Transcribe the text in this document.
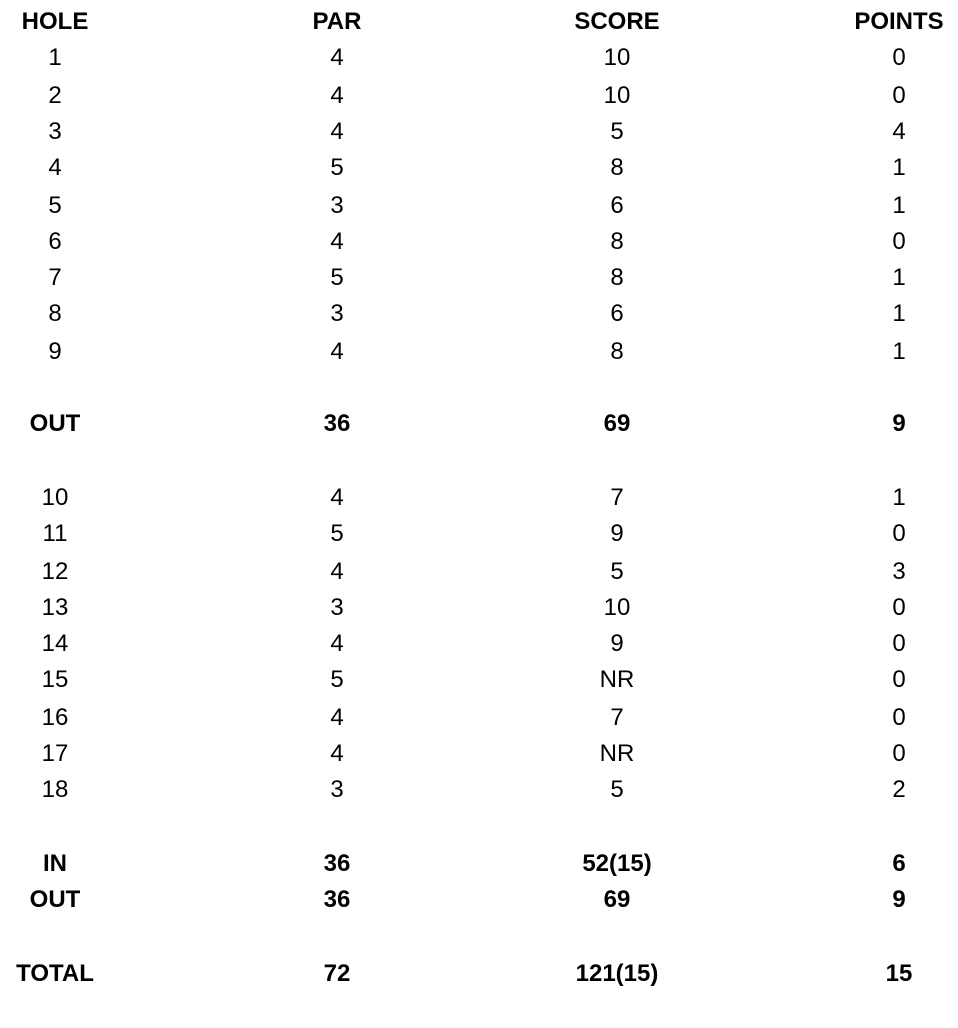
HOLE	PAR	SCORE	POINTS
1	4	10	0
2	4	10	0
3	4	5	4
4	5	8	1
5	3	6	1
6	4	8	0
7	5	8	1
8	3	6	1
9	4	8	1
OUT	36	69	9
10	4	7	1
11	5	9	0
12	4	5	3
13	3	10	0
14	4	9	0
15	5	NR	0
16	4	7	0
17	4	NR	0
18	3	5	2
IN	36	52(15)	6
OUT	36	69	9
TOTAL	72	121(15)	15
